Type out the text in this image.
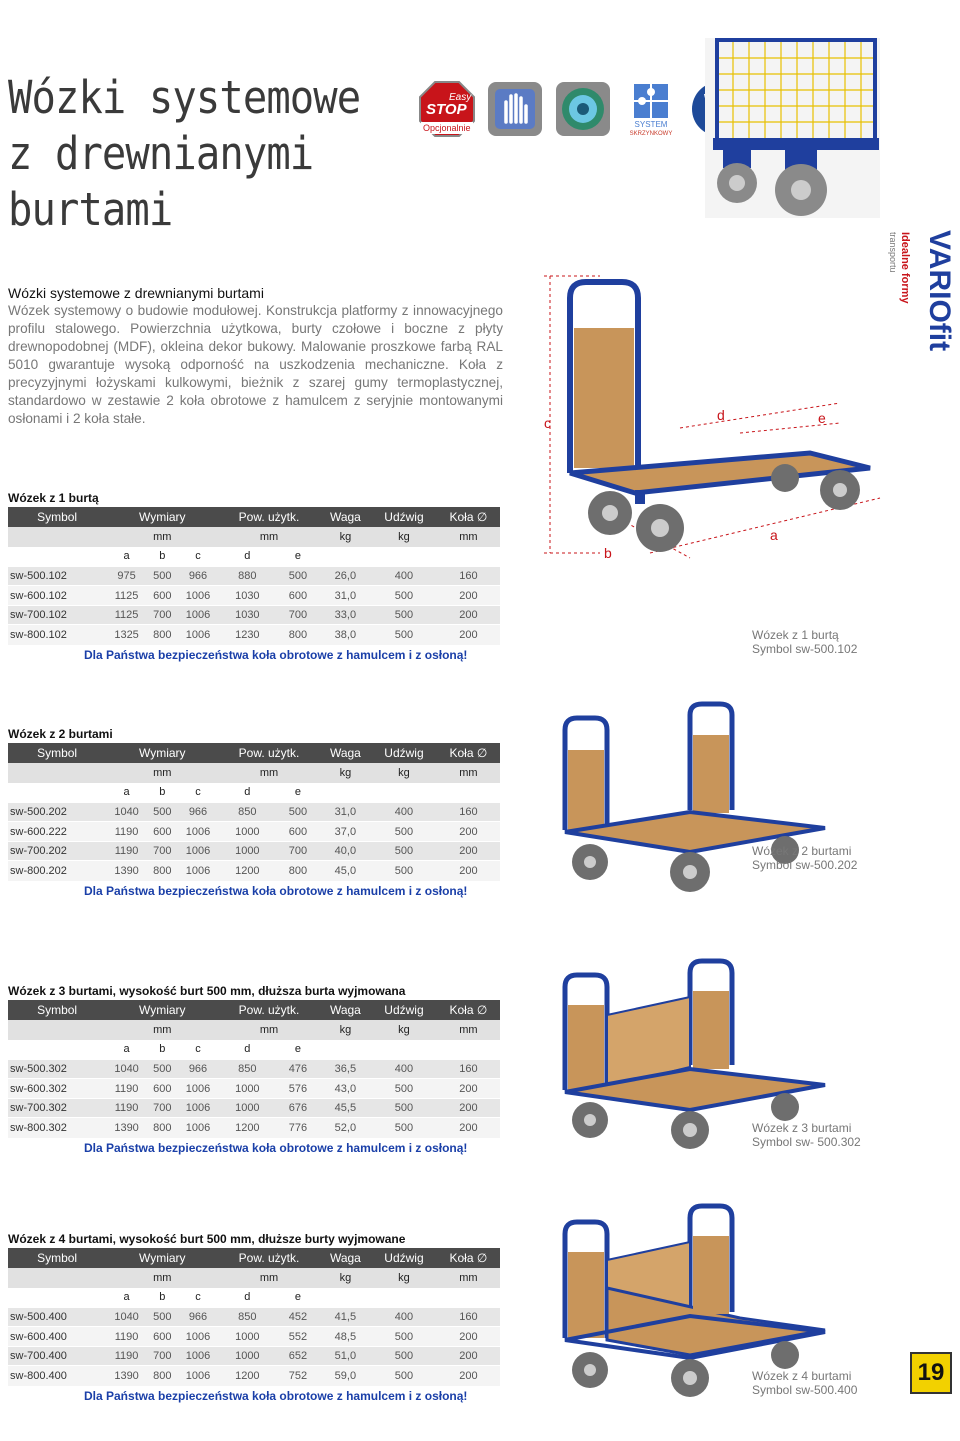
Wózki systemowe z drewnianymi burtami
Easy
STOP
Opcjonalnie	SYSTEM
SKRZYNKOWY
VARIOfit
Idealne formy
transportu
Wózki systemowe z drewnianymi burtami
Wózek systemowy o budowie modułowej. Konstrukcja platformy z innowacyjnego profilu stalowego. Powierzchnia użytkowa, burty czołowe i boczne z płyty drewnopodobnej (MDF), okleina dekor bukowy. Malowanie proszkowe farbą RAL 5010 gwarantuje wysoką odporność na uszkodzenia mechaniczne. Koła z precyzyjnymi łożyskami kulkowymi, bieżnik z szarej gumy termoplastycznej, standardowo w zestawie 2 koła obrotowe z hamulcem z seryjnie montowanymi osłonami i 2 koła stałe.	c	d	e
a
b
Wózek z 1 burtą
Symbol	Wymiary			Pow. użytk.		Waga	Udźwig	Koła ∅
	mm			mm		kg	kg	mm
	a	b	c	d	e			
sw-500.102	975	500	966	880	500	26,0	400	160
sw-600.102	1125	600	1006	1030	600	31,0	500	200
sw-700.102	1125	700	1006	1030	700	33,0	500	200
sw-800.102	1325	800	1006	1230	800	38,0	500	200
Dla Państwa bezpieczeństwa koła obrotowe z hamulcem i z osłoną!								
Wózek z 1 burtą
Symbol sw-500.102
Wózek z 2 burtami
Symbol	Wymiary			Pow. użytk.		Waga	Udźwig	Koła ∅
	mm			mm		kg	kg	mm
	a	b	c	d	e			
sw-500.202	1040	500	966	850	500	31,0	400	160
sw-600.222	1190	600	1006	1000	600	37,0	500	200
sw-700.202	1190	700	1006	1000	700	40,0	500	200
sw-800.202	1390	800	1006	1200	800	45,0	500	200
Dla Państwa bezpieczeństwa koła obrotowe z hamulcem i z osłoną!								
Wózek z 2 burtami
Symbol sw-500.202
Wózek z 3 burtami, wysokość burt 500 mm, dłuższa burta wyjmowana
Symbol	Wymiary			Pow. użytk.		Waga	Udźwig	Koła ∅
	mm			mm		kg	kg	mm
	a	b	c	d	e			
sw-500.302	1040	500	966	850	476	36,5	400	160
sw-600.302	1190	600	1006	1000	576	43,0	500	200
sw-700.302	1190	700	1006	1000	676	45,5	500	200
sw-800.302	1390	800	1006	1200	776	52,0	500	200
Dla Państwa bezpieczeństwa koła obrotowe z hamulcem i z osłoną!								
Wózek z 3 burtami
Symbol sw- 500.302
Wózek z 4 burtami, wysokość burt 500 mm, dłuższe burty wyjmowane
Symbol	Wymiary			Pow. użytk.		Waga	Udźwig	Koła ∅
	mm			mm		kg	kg	mm
	a	b	c	d	e			
sw-500.400	1040	500	966	850	452	41,5	400	160
sw-600.400	1190	600	1006	1000	552	48,5	500	200
sw-700.400	1190	700	1006	1000	652	51,0	500	200
sw-800.400	1390	800	1006	1200	752	59,0	500	200
Dla Państwa bezpieczeństwa koła obrotowe z hamulcem i z osłoną!								
Wózek z 4 burtami
Symbol sw-500.400
19
